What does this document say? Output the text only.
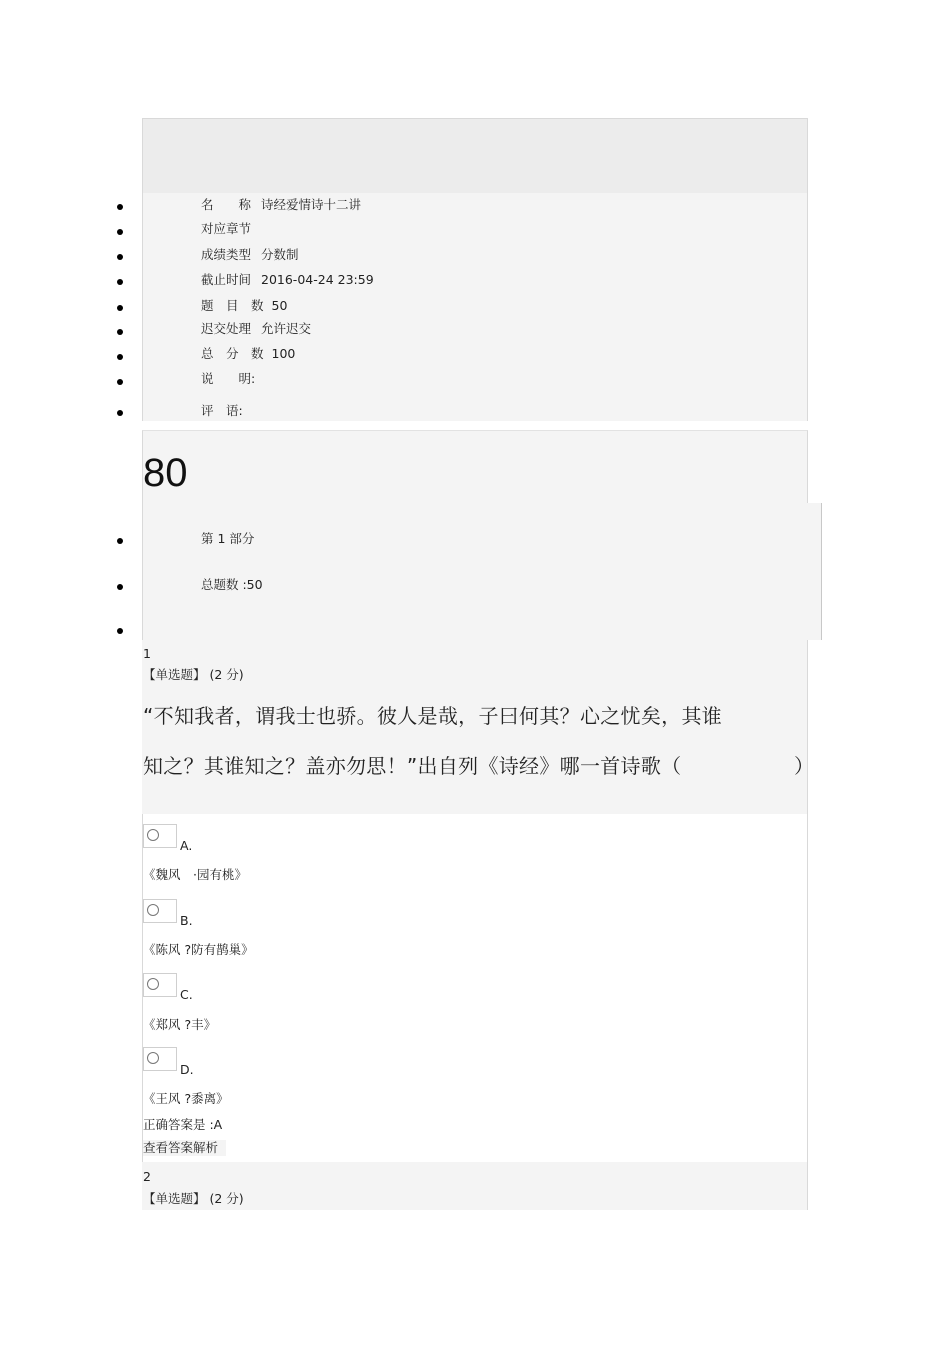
名　　称 诗经爱情诗十二讲
对应章节
成绩类型 分数制
截止时间 2016-04-24 23:59
题　目　数 50
迟交处理 允许迟交
总　分　数 100
说　　明:
评　语:
80
第 1 部分
总题数 :50
1
【单选题】 (2 分)
“不知我者，谓我士也骄。彼人是哉，子曰何其？心之忧矣，其谁
知之？其谁知之？盖亦勿思！”出自列《诗经》哪一首诗歌（	）
A.
《魏风　·园有桃》
B.
《陈风 ?防有鹊巢》
C.
《郑风 ?丰》
D.
《王风 ?黍离》
正确答案是 :A
查看答案解析
2
【单选题】 (2 分)
